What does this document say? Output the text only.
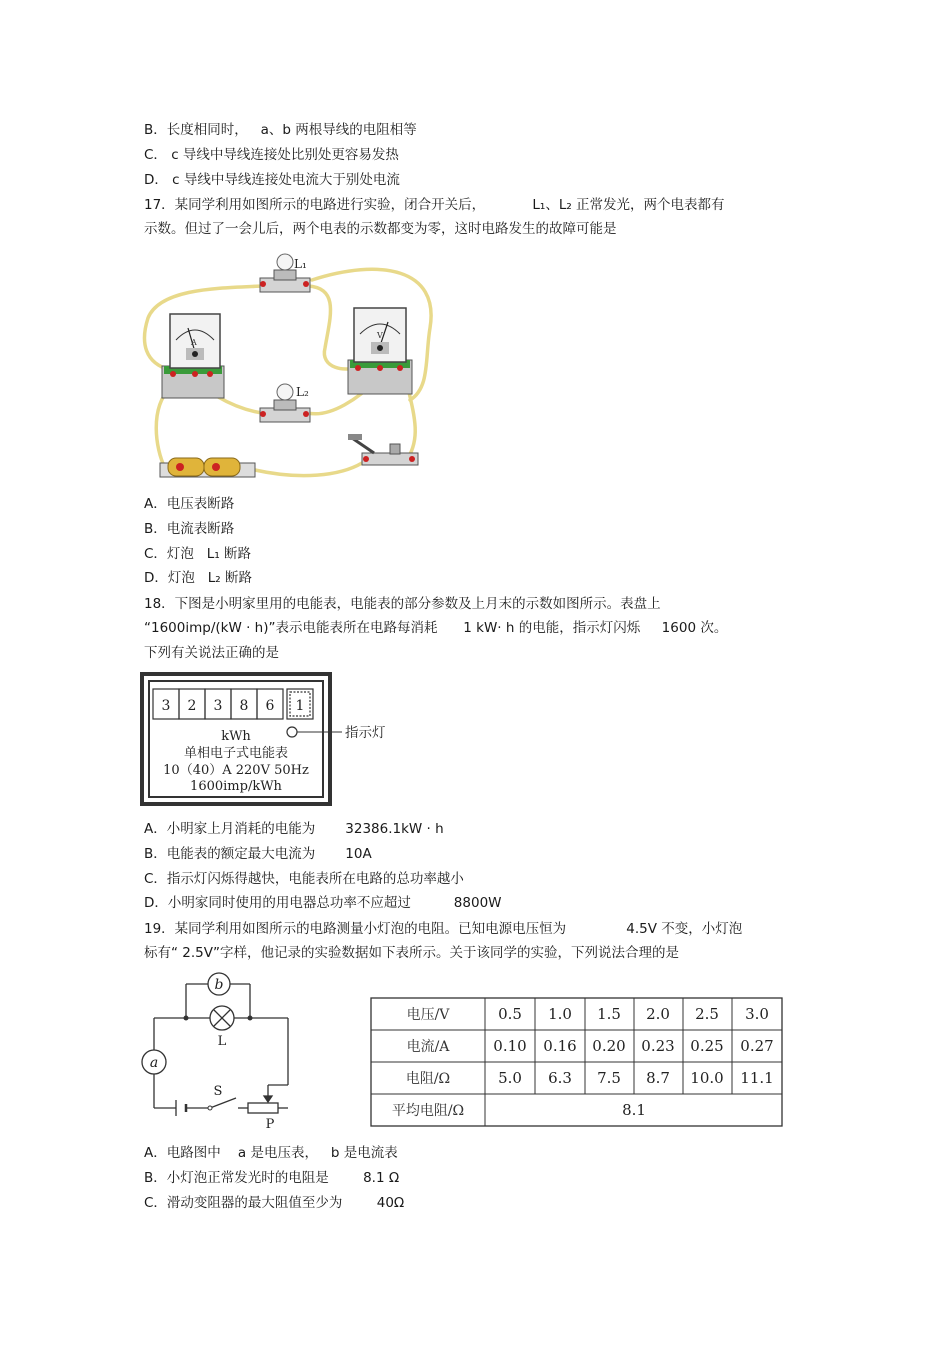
B．长度相同时，   a、b 两根导线的电阻相等
C． c 导线中导线连接处比别处更容易发热
D． c 导线中导线连接处电流大于别处电流
17．某同学利用如图所示的电路进行实验，闭合开关后，           L₁、L₂ 正常发光，两个电表都有
示数。但过了一会儿后，两个电表的示数都变为零，这时电路发生的故障可能是
A
V
L₁
L₂
A．电压表断路
B．电流表断路
C．灯泡   L₁ 断路
D．灯泡   L₂ 断路
18．下图是小明家里用的电能表，电能表的部分参数及上月末的示数如图所示。表盘上
“1600imp/(kW · h)”表示电能表所在电路每消耗      1 kW· h 的电能，指示灯闪烁     1600 次。
下列有关说法正确的是
3 2 3 8 6 1
指示灯
kWh
单相电子式电能表
10（40）A 220V 50Hz
1600imp/kWh
A．小明家上月消耗的电能为       32386.1kW · h
B．电能表的额定最大电流为       10A
C．指示灯闪烁得越快，电能表所在电路的总功率越小
D．小明家同时使用的用电器总功率不应超过          8800W
19．某同学利用如图所示的电路测量小灯泡的电阻。已知电源电压恒为              4.5V 不变，小灯泡
标有“ 2.5V”字样，他记录的实验数据如下表所示。关于该同学的实验，下列说法合理的是
b
a
L
S
P
电压/V
电流/A
电阻/Ω
平均电阻/Ω
0.5 1.0 1.5 2.0 2.5 3.0
0.10 0.16 0.20 0.23 0.25 0.27
5.0 6.3 7.5 8.7 10.0 11.1
8.1
A．电路图中    a 是电压表，   b 是电流表
B．小灯泡正常发光时的电阻是        8.1 Ω
C．滑动变阻器的最大阻值至少为        40Ω
